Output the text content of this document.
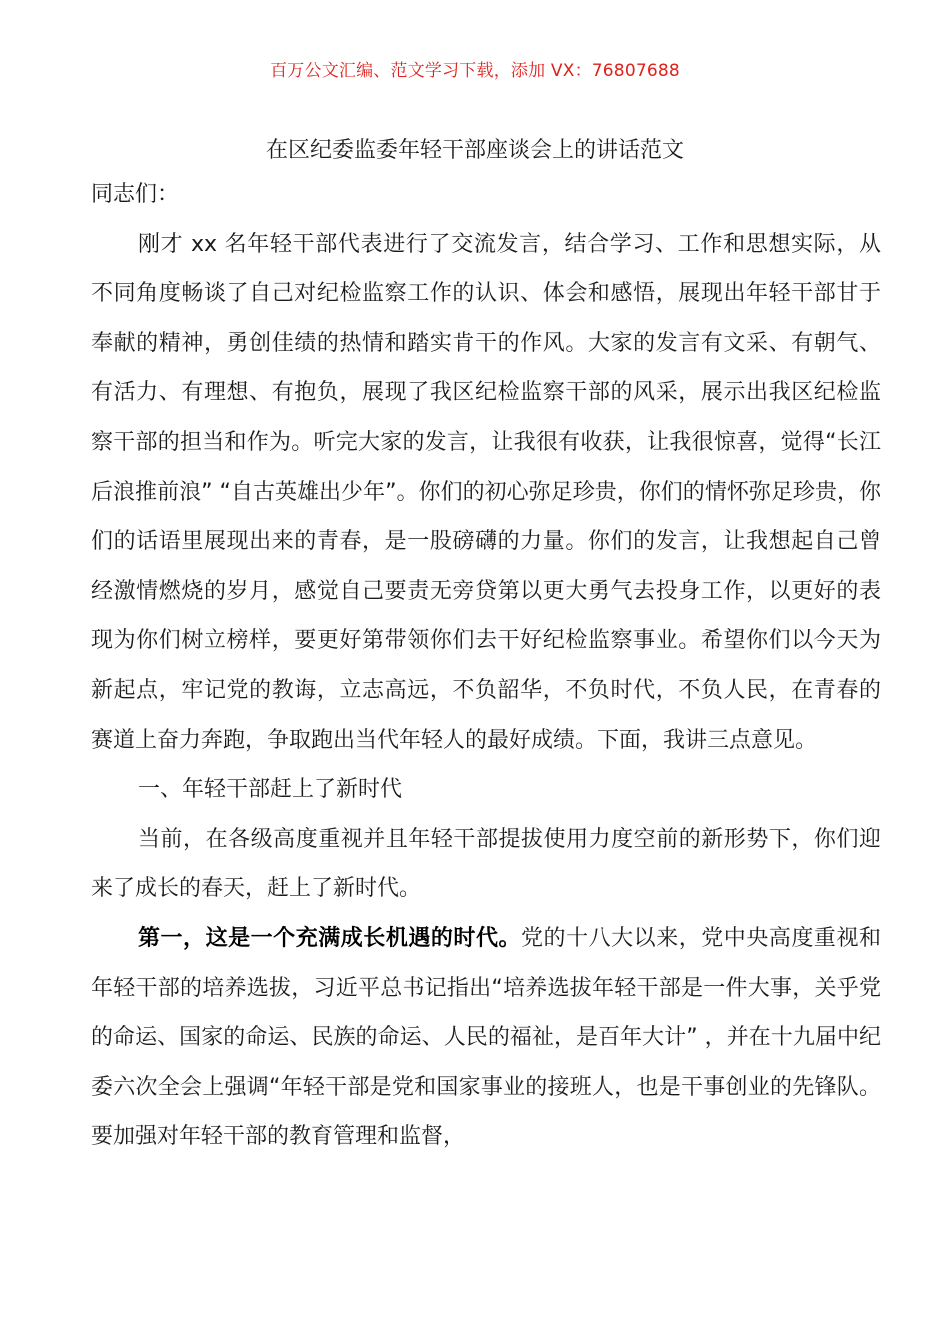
百万公文汇编、范文学习下载，添加 VX：76807688
在区纪委监委年轻干部座谈会上的讲话范文

同志们：

刚才 xx 名年轻干部代表进行了交流发言，结合学习、工作和思想实际，从不同角度畅谈了自己对纪检监察工作的认识、体会和感悟，展现出年轻干部甘于奉献的精神，勇创佳绩的热情和踏实肯干的作风。大家的发言有文采、有朝气、有活力、有理想、有抱负，展现了我区纪检监察干部的风采，展示出我区纪检监察干部的担当和作为。听完大家的发言，让我很有收获，让我很惊喜，觉得“长江后浪推前浪” “自古英雄出少年”。你们的初心弥足珍贵，你们的情怀弥足珍贵，你们的话语里展现出来的青春，是一股磅礴的力量。你们的发言，让我想起自己曾经激情燃烧的岁月，感觉自己要责无旁贷第以更大勇气去投身工作，以更好的表现为你们树立榜样，要更好第带领你们去干好纪检监察事业。希望你们以今天为新起点，牢记党的教诲，立志高远，不负韶华，不负时代，不负人民，在青春的赛道上奋力奔跑，争取跑出当代年轻人的最好成绩。下面，我讲三点意见。

一、年轻干部赶上了新时代

当前，在各级高度重视并且年轻干部提拔使用力度空前的新形势下，你们迎来了成长的春天，赶上了新时代。

第一，这是一个充满成长机遇的时代。党的十八大以来，党中央高度重视和年轻干部的培养选拔，习近平总书记指出“培养选拔年轻干部是一件大事，关乎党的命运、国家的命运、民族的命运、人民的福祉，是百年大计” ，并在十九届中纪委六次全会上强调“年轻干部是党和国家事业的接班人，也是干事创业的先锋队。要加强对年轻干部的教育管理和监督，
